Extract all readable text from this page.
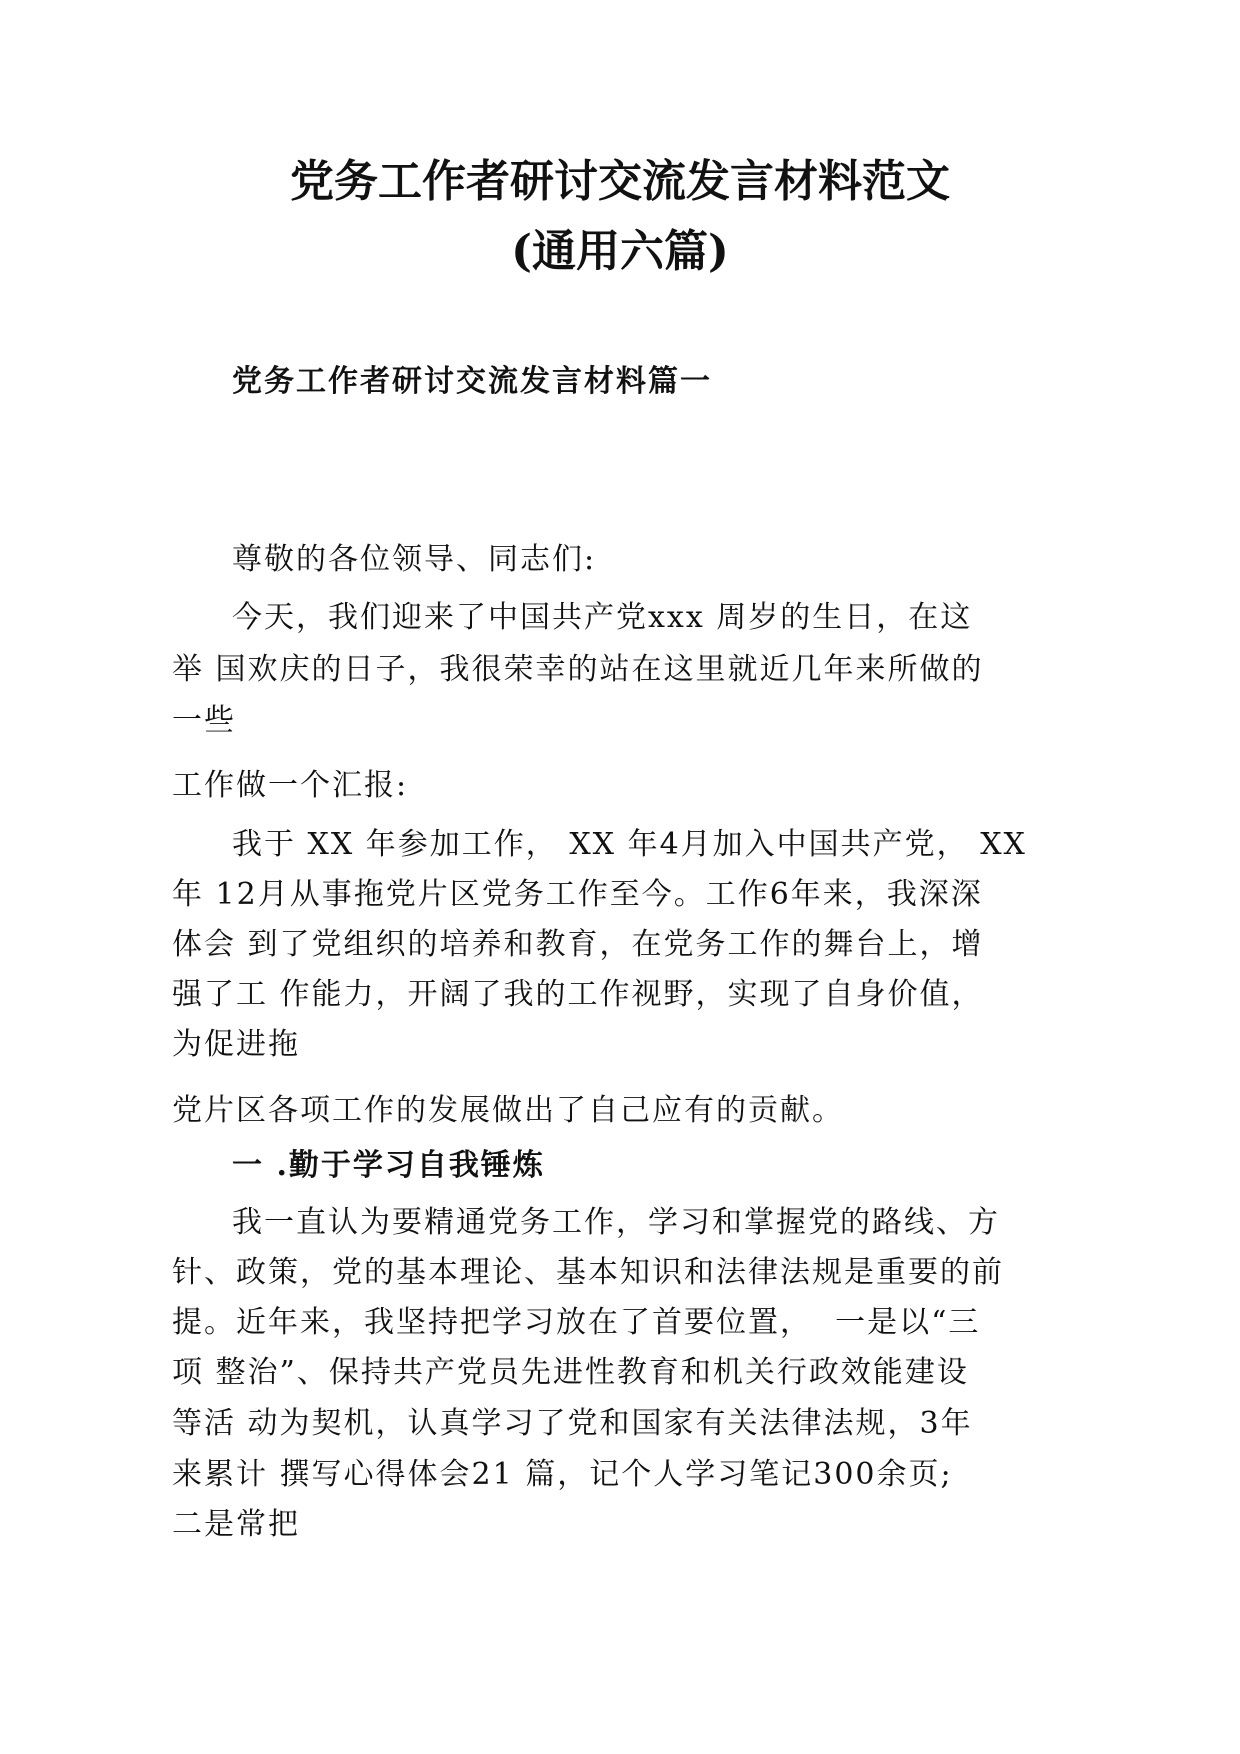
党务工作者研讨交流发言材料范文
(通用六篇)
党务工作者研讨交流发言材料篇一
尊敬的各位领导、同志们:
今天，我们迎来了中国共产党xxx 周岁的生日，在这
举 国欢庆的日子，我很荣幸的站在这里就近几年来所做的
一些
工作做一个汇报:
我于 XX 年参加工作， XX 年4月加入中国共产党， XX
年 12月从事拖党片区党务工作至今。工作6年来，我深深
体会 到了党组织的培养和教育，在党务工作的舞台上，增
强了工 作能力，开阔了我的工作视野，实现了自身价值，
为促进拖
党片区各项工作的发展做出了自己应有的贡献。
一 .勤于学习自我锤炼
我一直认为要精通党务工作，学习和掌握党的路线、方
针、政策，党的基本理论、基本知识和法律法规是重要的前
提。近年来，我坚持把学习放在了首要位置，  一是以“三
项 整治”、保持共产党员先进性教育和机关行政效能建设
等活 动为契机，认真学习了党和国家有关法律法规，3年
来累计 撰写心得体会21 篇，记个人学习笔记300余页;
二是常把
